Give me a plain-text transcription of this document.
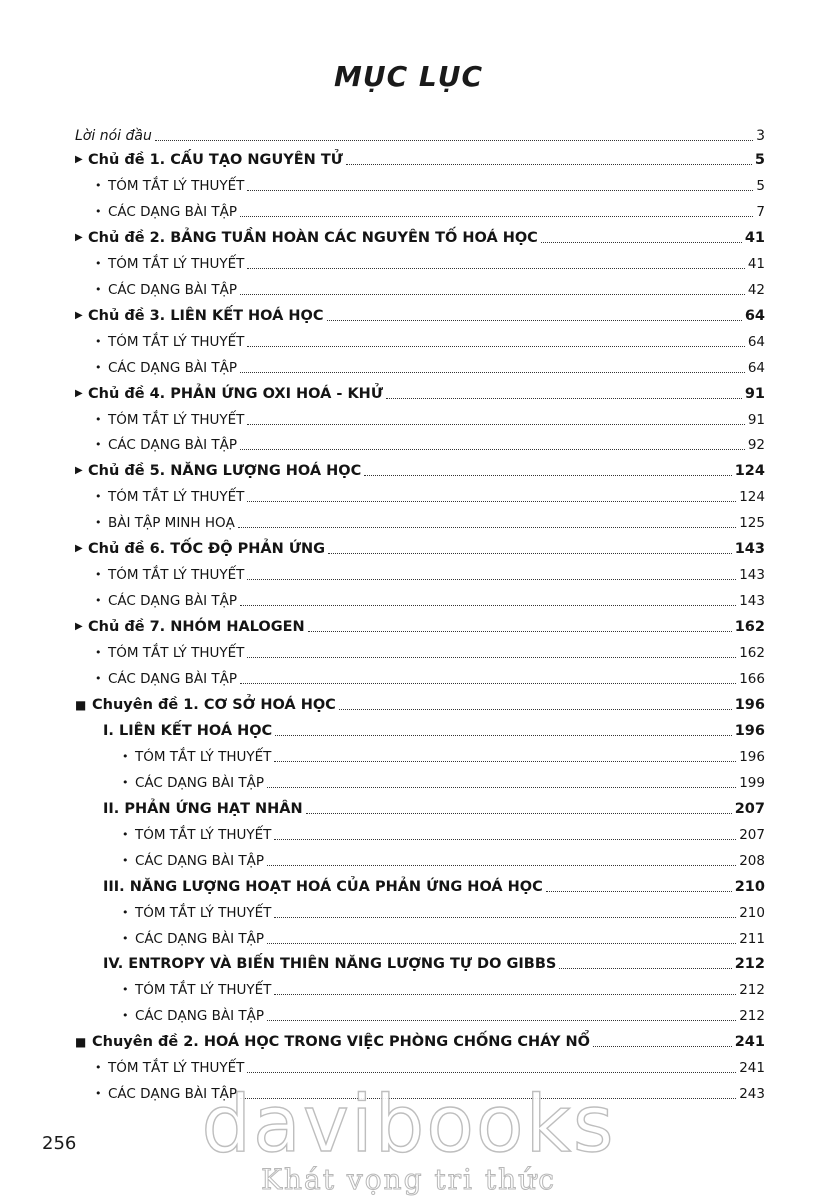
MỤC LỤC
Lời nói đầu	3
▶ Chủ đề 1. CẤU TẠO NGUYÊN TỬ	5
• TÓM TẮT LÝ THUYẾT	5
• CÁC DẠNG BÀI TẬP	7
▶ Chủ đề 2. BẢNG TUẦN HOÀN CÁC NGUYÊN TỐ HOÁ HỌC	41
• TÓM TẮT LÝ THUYẾT	41
• CÁC DẠNG BÀI TẬP	42
▶ Chủ đề 3. LIÊN KẾT HOÁ HỌC	64
• TÓM TẮT LÝ THUYẾT	64
• CÁC DẠNG BÀI TẬP	64
▶ Chủ đề 4. PHẢN ỨNG OXI HOÁ - KHỬ	91
• TÓM TẮT LÝ THUYẾT	91
• CÁC DẠNG BÀI TẬP	92
▶ Chủ đề 5. NĂNG LƯỢNG HOÁ HỌC	124
• TÓM TẮT LÝ THUYẾT	124
• BÀI TẬP MINH HOẠ	125
▶ Chủ đề 6. TỐC ĐỘ PHẢN ỨNG	143
• TÓM TẮT LÝ THUYẾT	143
• CÁC DẠNG BÀI TẬP	143
▶ Chủ đề 7. NHÓM HALOGEN	162
• TÓM TẮT LÝ THUYẾT	162
• CÁC DẠNG BÀI TẬP	166
■ Chuyên đề 1. CƠ SỞ HOÁ HỌC	196
I. LIÊN KẾT HOÁ HỌC	196
• TÓM TẮT LÝ THUYẾT	196
• CÁC DẠNG BÀI TẬP	199
II. PHẢN ỨNG HẠT NHÂN	207
• TÓM TẮT LÝ THUYẾT	207
• CÁC DẠNG BÀI TẬP	208
III. NĂNG LƯỢNG HOẠT HOÁ CỦA PHẢN ỨNG HOÁ HỌC	210
• TÓM TẮT LÝ THUYẾT	210
• CÁC DẠNG BÀI TẬP	211
IV. ENTROPY VÀ BIẾN THIÊN NĂNG LƯỢNG TỰ DO GIBBS	212
• TÓM TẮT LÝ THUYẾT	212
• CÁC DẠNG BÀI TẬP	212
■ Chuyên đề 2. HOÁ HỌC TRONG VIỆC PHÒNG CHỐNG CHÁY NỔ	241
• TÓM TẮT LÝ THUYẾT	241
• CÁC DẠNG BÀI TẬP	243
256	davibooks
Khát vọng tri thức
